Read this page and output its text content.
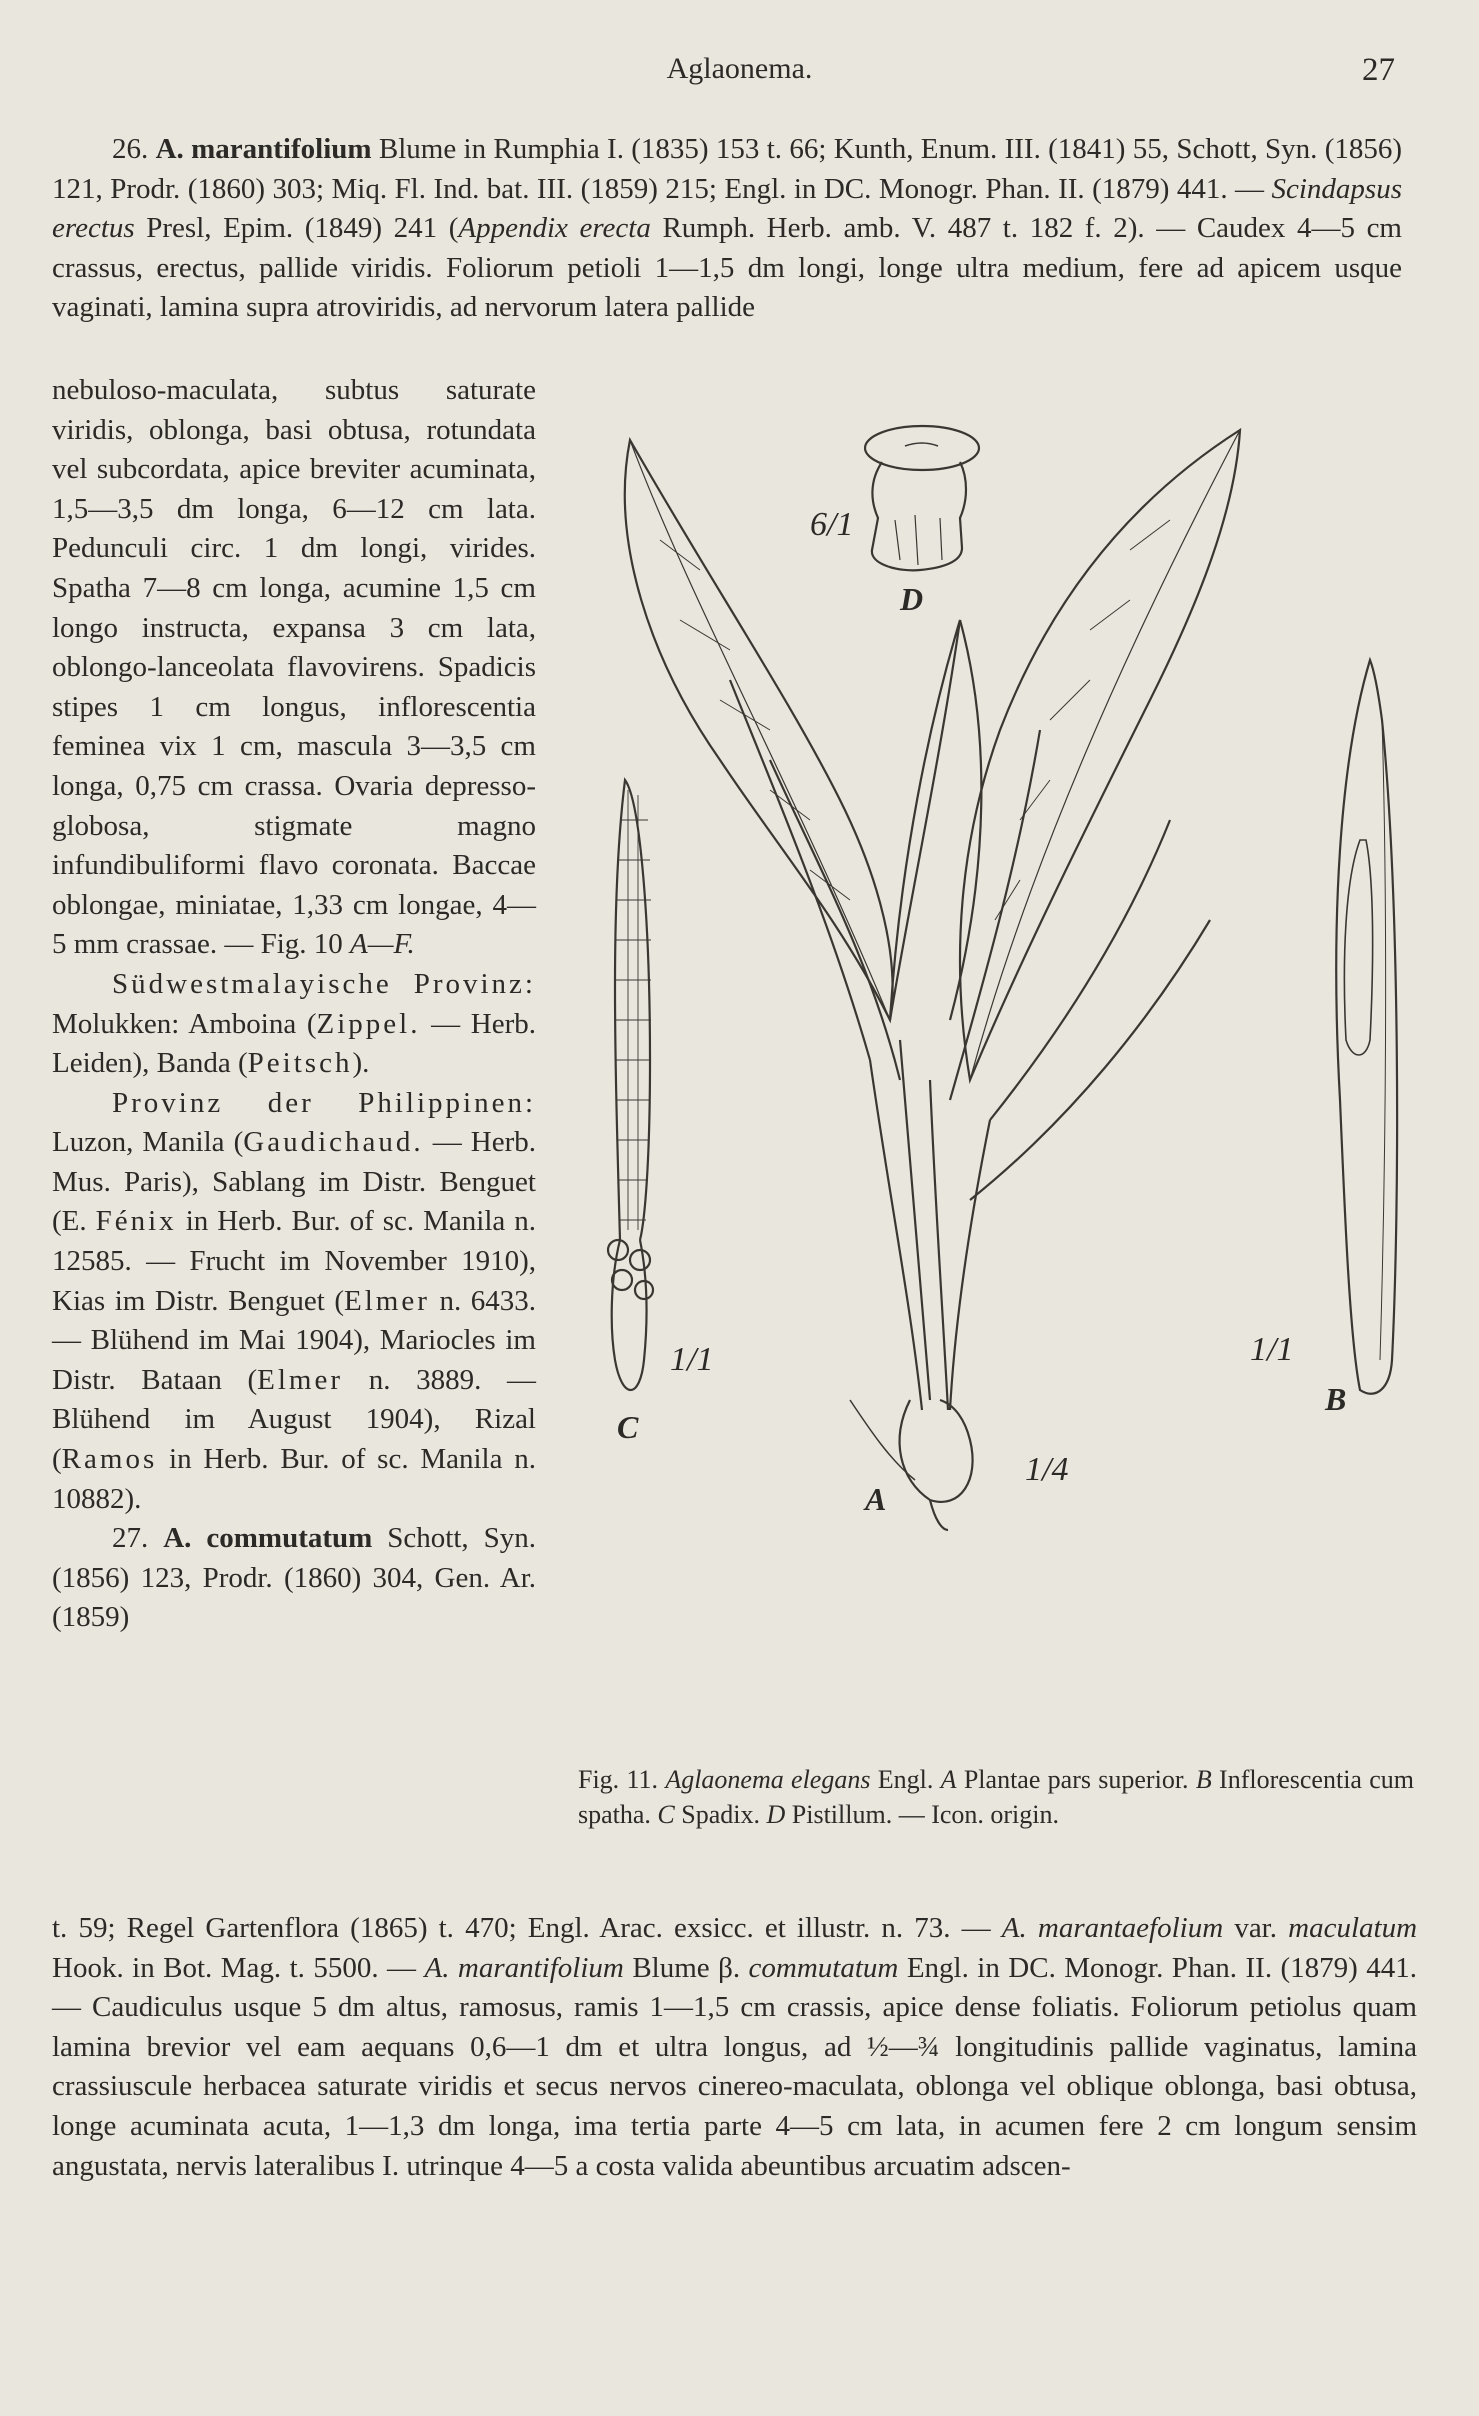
Aglaonema.	27

26. A. marantifolium Blume in Rumphia I. (1835) 153 t. 66; Kunth, Enum. III. (1841) 55, Schott, Syn. (1856) 121, Prodr. (1860) 303; Miq. Fl. Ind. bat. III. (1859) 215; Engl. in DC. Monogr. Phan. II. (1879) 441. — Scindapsus erectus Presl, Epim. (1849) 241 (Appendix erecta Rumph. Herb. amb. V. 487 t. 182 f. 2). — Caudex 4—5 cm crassus, erectus, pallide viridis. Foliorum petioli 1—1,5 dm longi, longe ultra medium, fere ad apicem usque vaginati, lamina supra atroviridis, ad nervorum latera pallide

nebuloso-maculata, subtus saturate viridis, oblonga, basi obtusa, rotundata vel subcordata, apice breviter acuminata, 1,5—3,5 dm longa, 6—12 cm lata. Pedunculi circ. 1 dm longi, virides. Spatha 7—8 cm longa, acumine 1,5 cm longo instructa, expansa 3 cm lata, oblongo-lanceolata flavovirens. Spadicis stipes 1 cm longus, inflorescentia feminea vix 1 cm, mascula 3—3,5 cm longa, 0,75 cm crassa. Ovaria depresso-globosa, stigmate magno infundibuliformi flavo coronata. Baccae oblongae, miniatae, 1,33 cm longae, 4—5 mm crassae. — Fig. 10 A—F.

Südwestmalayische Provinz: Molukken: Amboina (Zippel. — Herb. Leiden), Banda (Peitsch).

Provinz der Philippinen: Luzon, Manila (Gaudichaud. — Herb. Mus. Paris), Sablang im Distr. Benguet (E. Fénix in Herb. Bur. of sc. Manila n. 12585. — Frucht im November 1910), Kias im Distr. Benguet (Elmer n. 6433. — Blühend im Mai 1904), Mariocles im Distr. Bataan (Elmer n. 3889. — Blühend im August 1904), Rizal (Ramos in Herb. Bur. of sc. Manila n. 10882).

27. A. commutatum Schott, Syn. (1856) 123, Prodr. (1860) 304, Gen. Ar. (1859)

6/1
D
1/1
C
1/1
B
1/4
A
Fig. 11. Aglaonema elegans Engl. A Plantae pars superior. B Inflorescentia cum spatha. C Spadix. D Pistillum. — Icon. origin.

t. 59; Regel Gartenflora (1865) t. 470; Engl. Arac. exsicc. et illustr. n. 73. — A. marantaefolium var. maculatum Hook. in Bot. Mag. t. 5500. — A. marantifolium Blume β. commutatum Engl. in DC. Monogr. Phan. II. (1879) 441. — Caudiculus usque 5 dm altus, ramosus, ramis 1—1,5 cm crassis, apice dense foliatis. Foliorum petiolus quam lamina brevior vel eam aequans 0,6—1 dm et ultra longus, ad ½—¾ longitudinis pallide vaginatus, lamina crassiuscule herbacea saturate viridis et secus nervos cinereo-maculata, oblonga vel oblique oblonga, basi obtusa, longe acuminata acuta, 1—1,3 dm longa, ima tertia parte 4—5 cm lata, in acumen fere 2 cm longum sensim angustata, nervis lateralibus I. utrinque 4—5 a costa valida abeuntibus arcuatim adscen-
